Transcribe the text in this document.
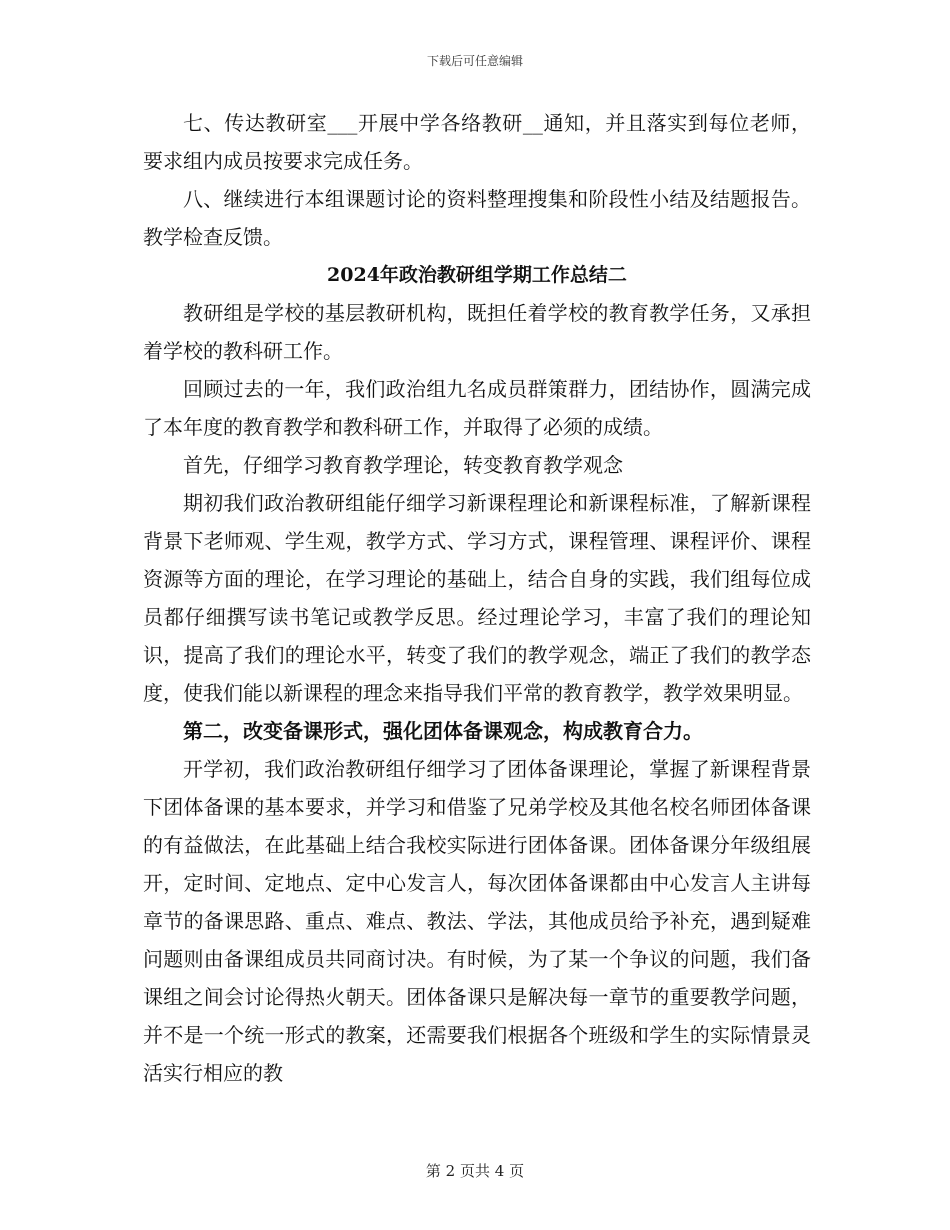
下载后可任意编辑

七、传达教研室___开展中学各络教研__通知，并且落实到每位老师，要求组内成员按要求完成任务。

八、继续进行本组课题讨论的资料整理搜集和阶段性小结及结题报告。教学检查反馈。

2024年政治教研组学期工作总结二

教研组是学校的基层教研机构，既担任着学校的教育教学任务，又承担着学校的教科研工作。

回顾过去的一年，我们政治组九名成员群策群力，团结协作，圆满完成了本年度的教育教学和教科研工作，并取得了必须的成绩。

首先，仔细学习教育教学理论，转变教育教学观念

期初我们政治教研组能仔细学习新课程理论和新课程标准，了解新课程背景下老师观、学生观，教学方式、学习方式，课程管理、课程评价、课程资源等方面的理论，在学习理论的基础上，结合自身的实践，我们组每位成员都仔细撰写读书笔记或教学反思。经过理论学习，丰富了我们的理论知识，提高了我们的理论水平，转变了我们的教学观念，端正了我们的教学态度，使我们能以新课程的理念来指导我们平常的教育教学，教学效果明显。

第二，改变备课形式，强化团体备课观念，构成教育合力。

开学初，我们政治教研组仔细学习了团体备课理论，掌握了新课程背景下团体备课的基本要求，并学习和借鉴了兄弟学校及其他名校名师团体备课的有益做法，在此基础上结合我校实际进行团体备课。团体备课分年级组展开，定时间、定地点、定中心发言人，每次团体备课都由中心发言人主讲每章节的备课思路、重点、难点、教法、学法，其他成员给予补充，遇到疑难问题则由备课组成员共同商讨决。有时候，为了某一个争议的问题，我们备课组之间会讨论得热火朝天。团体备课只是解决每一章节的重要教学问题，并不是一个统一形式的教案，还需要我们根据各个班级和学生的实际情景灵活实行相应的教

第 2 页共 4 页
